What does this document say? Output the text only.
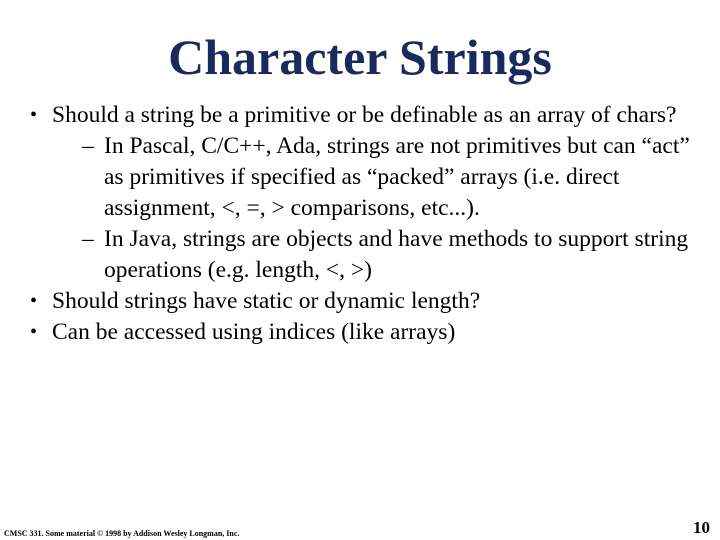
Character Strings
• Should a string be a primitive or be definable as an array of chars?
– In Pascal, C/C++, Ada, strings are not primitives but can “act” as primitives if specified as “packed” arrays (i.e. direct assignment, <, =, > comparisons, etc...).
– In Java, strings are objects and have methods to support string operations (e.g. length, <, >)
• Should strings have static or dynamic length?
• Can be accessed using indices (like arrays)
CMSC 331. Some material © 1998 by Addison Wesley Longman, Inc.	10
